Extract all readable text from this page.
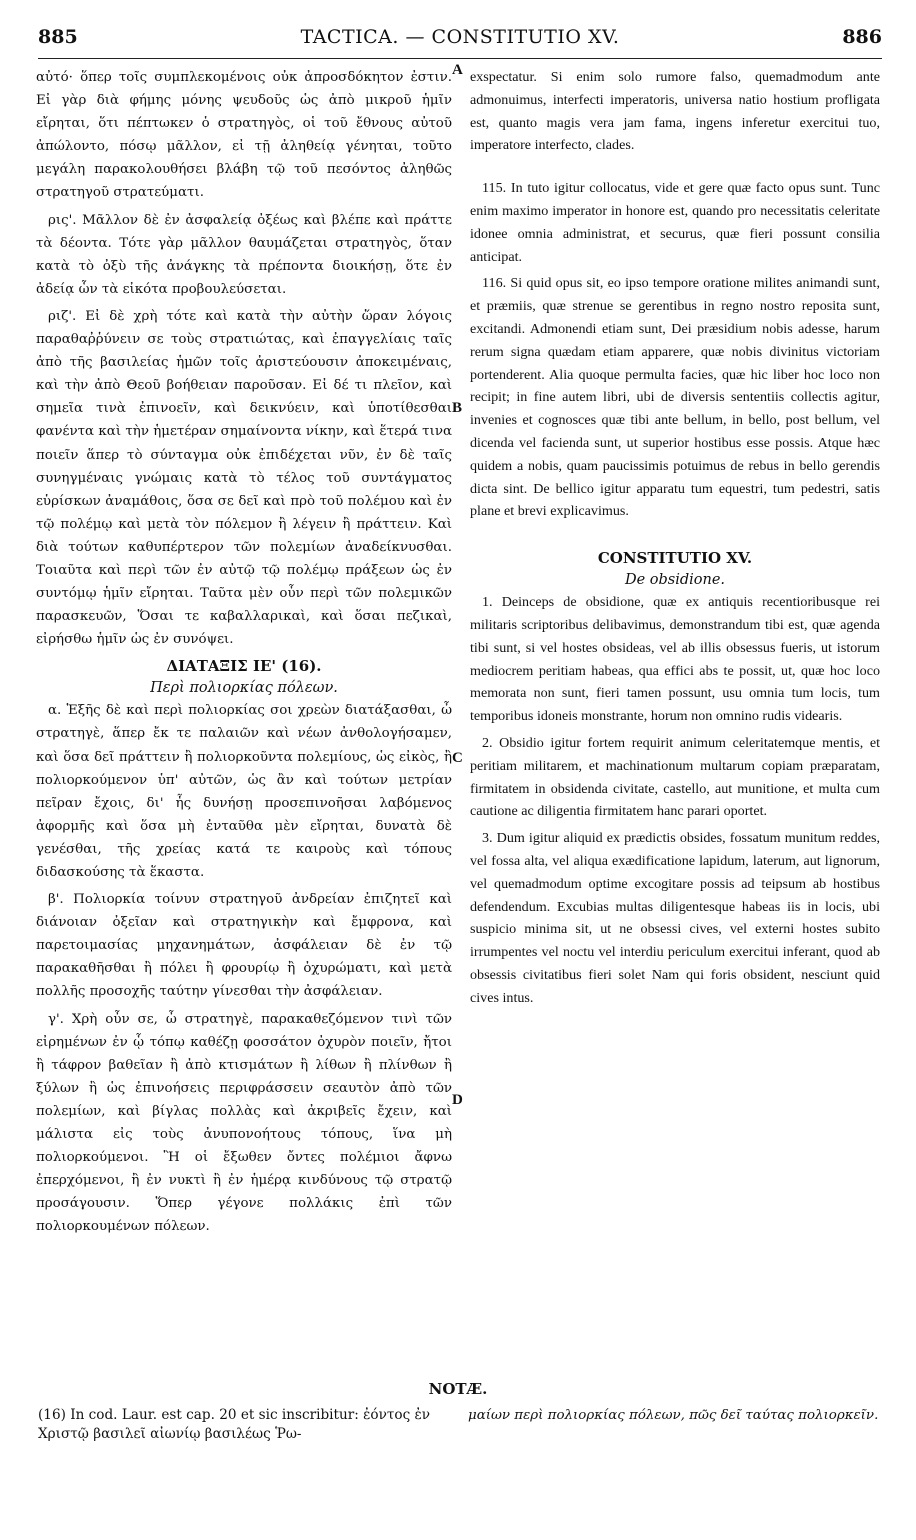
885	TACTICA. — CONSTITUTIO XV.	886
A
B
C
D

αὐτό· ὅπερ τοῖς συμπλεκομένοις οὐκ ἀπροσδόκητον ἐστιν. Εἰ γὰρ διὰ φήμης μόνης ψευδοῦς ὡς ἀπὸ μικροῦ ἡμῖν εἴρηται, ὅτι πέπτωκεν ὁ στρατηγὸς, οἱ τοῦ ἔθνους αὐτοῦ ἀπώλοντο, πόσῳ μᾶλλον, εἰ τῇ ἀληθείᾳ γένηται, τοῦτο μεγάλη παρακολουθήσει βλάβη τῷ τοῦ πεσόντος ἀληθῶς στρατηγοῦ στρατεύματι.

ρις'. Μᾶλλον δὲ ἐν ἀσφαλείᾳ ὀξέως καὶ βλέπε καὶ πράττε τὰ δέοντα. Τότε γὰρ μᾶλλον θαυμάζεται στρατηγὸς, ὅταν κατὰ τὸ ὀξὺ τῆς ἀνάγκης τὰ πρέποντα διοικήσῃ, ὅτε ἐν ἀδείᾳ ὧν τὰ εἰκότα προβουλεύσεται.

ριζ'. Εἰ δὲ χρὴ τότε καὶ κατὰ τὴν αὐτὴν ὥραν λόγοις παραθαῤῥύνειν σε τοὺς στρατιώτας, καὶ ἐπαγγελίαις ταῖς ἀπὸ τῆς βασιλείας ἡμῶν τοῖς ἀριστεύουσιν ἀποκειμέναις, καὶ τὴν ἀπὸ Θεοῦ βοήθειαν παροῦσαν. Εἰ δέ τι πλεῖον, καὶ σημεῖα τινὰ ἐπινοεῖν, καὶ δεικνύειν, καὶ ὑποτίθεσθαι φανέντα καὶ τὴν ἡμετέραν σημαίνοντα νίκην, καὶ ἕτερά τινα ποιεῖν ἅπερ τὸ σύνταγμα οὐκ ἐπιδέχεται νῦν, ἐν δὲ ταῖς συνηγμέναις γνώμαις κατὰ τὸ τέλος τοῦ συντάγματος εὑρίσκων ἀναμάθοις, ὅσα σε δεῖ καὶ πρὸ τοῦ πολέμου καὶ ἐν τῷ πολέμῳ καὶ μετὰ τὸν πόλεμον ἢ λέγειν ἢ πράττειν. Καὶ διὰ τούτων καθυπέρτερον τῶν πολεμίων ἀναδείκνυσθαι. Τοιαῦτα καὶ περὶ τῶν ἐν αὐτῷ τῷ πολέμῳ πράξεων ὡς ἐν συντόμῳ ἡμῖν εἴρηται. Ταῦτα μὲν οὖν περὶ τῶν πολεμικῶν παρασκευῶν, Ὅσαι τε καβαλλαρικαὶ, καὶ ὅσαι πεζικαὶ, εἰρήσθω ἡμῖν ὡς ἐν συνόψει.

ΔΙΑΤΑΞΙΣ ΙΕ' (16).

Περὶ πολιορκίας πόλεων.

α. Ἑξῆς δὲ καὶ περὶ πολιορκίας σοι χρεὼν διατάξασθαι, ὦ στρατηγὲ, ἅπερ ἔκ τε παλαιῶν καὶ νέων ἀνθολογήσαμεν, καὶ ὅσα δεῖ πράττειν ἢ πολιορκοῦντα πολεμίους, ὡς εἰκὸς, ἢ πολιορκούμενον ὑπ' αὐτῶν, ὡς ἂν καὶ τούτων μετρίαν πεῖραν ἔχοις, δι' ἧς δυνήσῃ προσεπινοῆσαι λαβόμενος ἀφορμῆς καὶ ὅσα μὴ ἐνταῦθα μὲν εἴρηται, δυνατὰ δὲ γενέσθαι, τῆς χρείας κατά τε καιροὺς καὶ τόπους διδασκούσης τὰ ἕκαστα.

β'. Πολιορκία τοίνυν στρατηγοῦ ἀνδρείαν ἐπιζητεῖ καὶ διάνοιαν ὀξεῖαν καὶ στρατηγικὴν καὶ ἔμφρονα, καὶ παρετοιμασίας μηχανημάτων, ἀσφάλειαν δὲ ἐν τῷ παρακαθῆσθαι ἢ πόλει ἢ φρουρίῳ ἢ ὀχυρώματι, καὶ μετὰ πολλῆς προσοχῆς ταύτην γίνεσθαι τὴν ἀσφάλειαν.

γ'. Χρὴ οὖν σε, ὦ στρατηγὲ, παρακαθεζόμενον τινὶ τῶν εἰρημένων ἐν ᾧ τόπῳ καθέζῃ φοσσάτον ὀχυρὸν ποιεῖν, ἤτοι ἢ τάφρον βαθεῖαν ἢ ἀπὸ κτισμάτων ἢ λίθων ἢ πλίνθων ἢ ξύλων ἢ ὡς ἐπινοήσεις περιφράσσειν σεαυτὸν ἀπὸ τῶν πολεμίων, καὶ βίγλας πολλὰς καὶ ἀκριβεῖς ἔχειν, καὶ μάλιστα εἰς τοὺς ἀνυπονοήτους τόπους, ἵνα μὴ πολιορκούμενοι. Ἢ οἱ ἔξωθεν ὄντες πολέμιοι ἄφνω ἐπερχόμενοι, ἢ ἐν νυκτὶ ἢ ἐν ἡμέρᾳ κινδύνους τῷ στρατῷ προσάγουσιν. Ὅπερ γέγονε πολλάκις ἐπὶ τῶν πολιορκουμένων πόλεων.

exspectatur. Si enim solo rumore falso, quemadmodum ante admonuimus, interfecti imperatoris, universa natio hostium profligata est, quanto magis vera jam fama, ingens inferetur exercitui tuo, imperatore interfecto, clades.

115. In tuto igitur collocatus, vide et gere quæ facto opus sunt. Tunc enim maximo imperator in honore est, quando pro necessitatis celeritate idonee omnia administrat, et securus, quæ fieri possunt consilia anticipat.

116. Si quid opus sit, eo ipso tempore oratione milites animandi sunt, et præmiis, quæ strenue se gerentibus in regno nostro reposita sunt, excitandi. Admonendi etiam sunt, Dei præsidium nobis adesse, harum rerum signa quædam etiam apparere, quæ nobis divinitus victoriam portenderent. Alia quoque permulta facies, quæ hic liber hoc loco non recipit; in fine autem libri, ubi de diversis sententiis collectis agitur, invenies et cognosces quæ tibi ante bellum, in bello, post bellum, vel dicenda vel facienda sunt, ut superior hostibus esse possis. Atque hæc quidem a nobis, quam paucissimis potuimus de rebus in bello gerendis dicta sint. De bellico igitur apparatu tum equestri, tum pedestri, satis plane et brevi explicavimus.

CONSTITUTIO XV.

De obsidione.

1. Deinceps de obsidione, quæ ex antiquis recentioribusque rei militaris scriptoribus delibavimus, demonstrandum tibi est, quæ agenda tibi sunt, si vel hostes obsideas, vel ab illis obsessus fueris, ut istorum mediocrem peritiam habeas, qua effici abs te possit, ut, quæ hoc loco memorata non sunt, fieri tamen possunt, usu omnia tum locis, tum temporibus idoneis monstrante, horum non omnino rudis videaris.

2. Obsidio igitur fortem requirit animum celeritatemque mentis, et peritiam militarem, et machinationum multarum copiam præparatam, firmitatem in obsidenda civitate, castello, aut munitione, et multa cum cautione ac diligentia firmitatem hanc parari oportet.

3. Dum igitur aliquid ex prædictis obsides, fossatum munitum reddes, vel fossa alta, vel aliqua exædificatione lapidum, laterum, aut lignorum, vel quemadmodum optime excogitare possis ad teipsum ab hostibus defendendum. Excubias multas diligentesque habeas iis in locis, ubi suspicio minima sit, ut ne obsessi cives, vel externi hostes subito irrumpentes vel noctu vel interdiu periculum exercitui inferant, quod ab obsessis civitatibus fieri solet Nam qui foris obsident, nesciunt quid cives intus.

NOTÆ.
(16) In cod. Laur. est cap. 20 et sic inscribitur: ἐόντος ἐν Χριστῷ βασιλεῖ αἰωνίῳ βασιλέως Ῥω-
μαίων περὶ πολιορκίας πόλεων, πῶς δεῖ ταύτας πολιορκεῖν.
